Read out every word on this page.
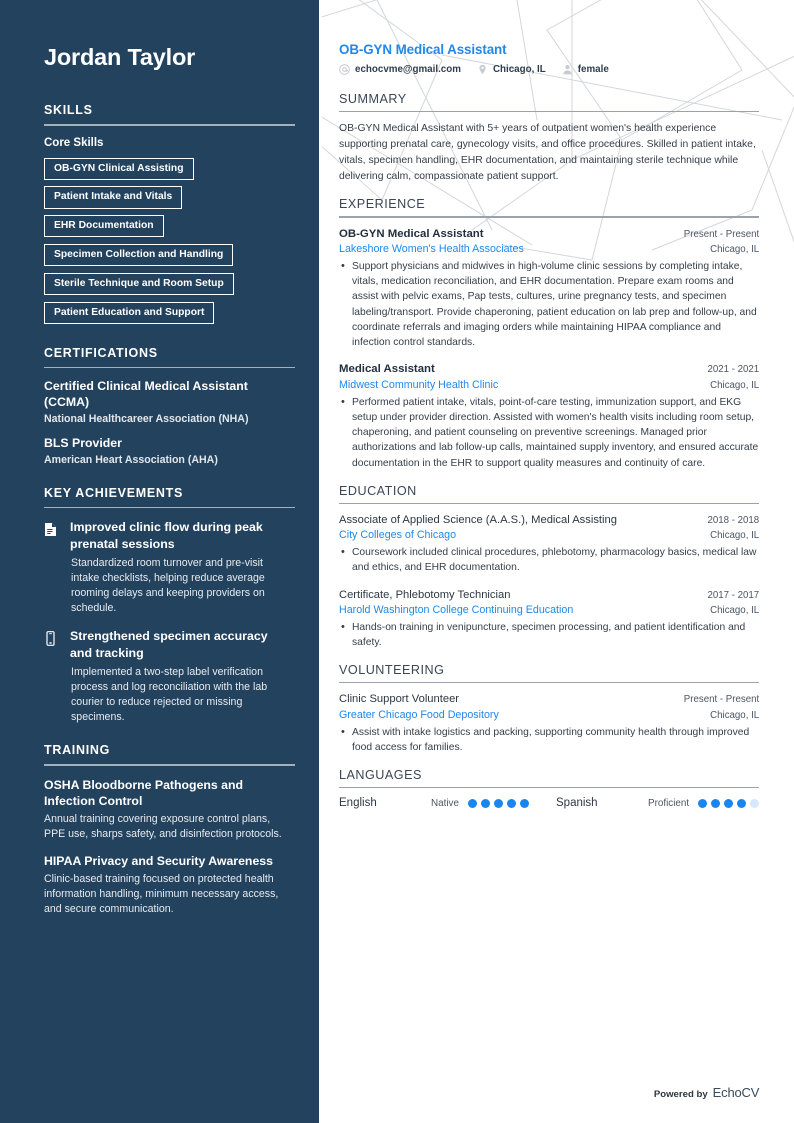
Jordan Taylor
SKILLS
Core Skills
OB-GYN Clinical Assisting
Patient Intake and Vitals
EHR Documentation
Specimen Collection and Handling
Sterile Technique and Room Setup
Patient Education and Support
CERTIFICATIONS
Certified Clinical Medical Assistant (CCMA)
National Healthcareer Association (NHA)
BLS Provider
American Heart Association (AHA)
KEY ACHIEVEMENTS
Improved clinic flow during peak prenatal sessions
Standardized room turnover and pre-visit intake checklists, helping reduce average rooming delays and keeping providers on schedule.
Strengthened specimen accuracy and tracking
Implemented a two-step label verification process and log reconciliation with the lab courier to reduce rejected or missing specimens.
TRAINING
OSHA Bloodborne Pathogens and Infection Control
Annual training covering exposure control plans, PPE use, sharps safety, and disinfection protocols.
HIPAA Privacy and Security Awareness
Clinic-based training focused on protected health information handling, minimum necessary access, and secure communication.
OB-GYN Medical Assistant
echocvme@gmail.com	Chicago, IL	female
SUMMARY

OB-GYN Medical Assistant with 5+ years of outpatient women's health experience supporting prenatal care, gynecology visits, and office procedures. Skilled in patient intake, vitals, specimen handling, EHR documentation, and maintaining sterile technique while delivering calm, compassionate patient support.

EXPERIENCE
OB-GYN Medical Assistant	Present - Present
Lakeshore Women's Health Associates	Chicago, IL
• Support physicians and midwives in high-volume clinic sessions by completing intake, vitals, medication reconciliation, and EHR documentation. Prepare exam rooms and assist with pelvic exams, Pap tests, cultures, urine pregnancy tests, and specimen labeling/transport. Provide chaperoning, patient education on lab prep and follow-up, and coordinate referrals and imaging orders while maintaining HIPAA compliance and infection control standards.
Medical Assistant	2021 - 2021
Midwest Community Health Clinic	Chicago, IL
• Performed patient intake, vitals, point-of-care testing, immunization support, and EKG setup under provider direction. Assisted with women's health visits including room setup, chaperoning, and patient counseling on preventive screenings. Managed prior authorizations and lab follow-up calls, maintained supply inventory, and ensured accurate documentation in the EHR to support quality measures and continuity of care.
EDUCATION
Associate of Applied Science (A.A.S.), Medical Assisting	2018 - 2018
City Colleges of Chicago	Chicago, IL
• Coursework included clinical procedures, phlebotomy, pharmacology basics, medical law and ethics, and EHR documentation.
Certificate, Phlebotomy Technician	2017 - 2017
Harold Washington College Continuing Education	Chicago, IL
• Hands-on training in venipuncture, specimen processing, and patient identification and safety.
VOLUNTEERING
Clinic Support Volunteer	Present - Present
Greater Chicago Food Depository	Chicago, IL
• Assist with intake logistics and packing, supporting community health through improved food access for families.
LANGUAGES
English	Native	Spanish	Proficient
Powered by EchoCV
